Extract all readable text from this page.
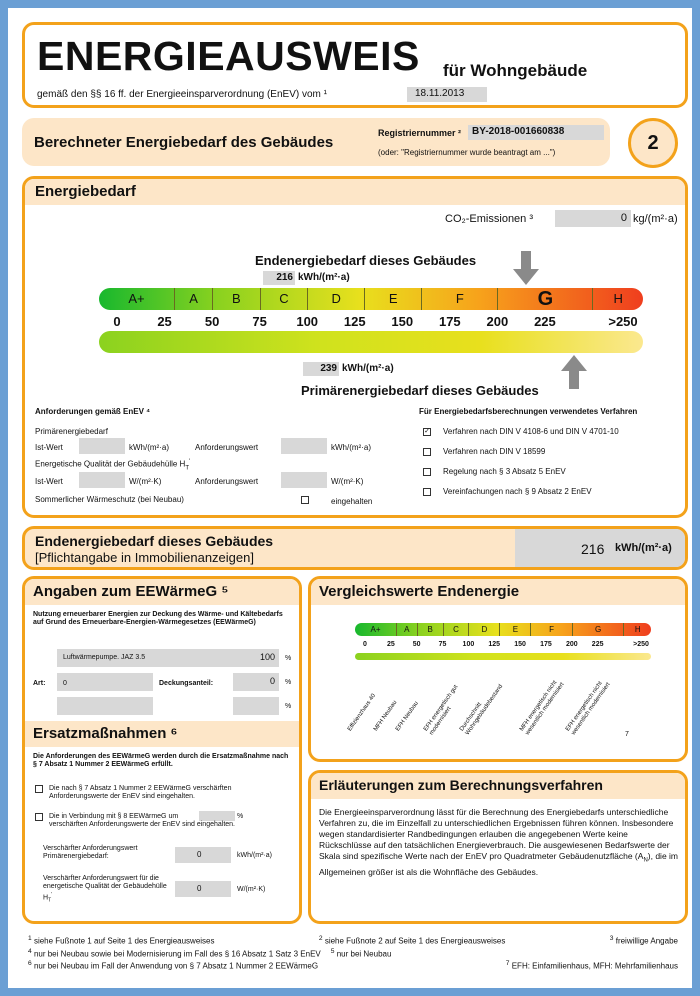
ENERGIEAUSWEIS für Wohngebäude
gemäß den §§ 16 ff. der Energieeinsparverordnung (EnEV) vom ¹	18.11.2013
Berechneter Energiebedarf des Gebäudes
Registriernummer ²	BY-2018-001660838
(oder: "Registriernummer wurde beantragt am ...")	2
Energiebedarf
CO₂-Emissionen ³	0 kg/(m²·a)
Endenergiebedarf dieses Gebäudes
216 kWh/(m²·a)
A+	A	B	C	D	E	F	G	H
0	25	50	75 100 125 150 175 200 225	>250
239 kWh/(m²·a)
Primärenergiebedarf dieses Gebäudes
Anforderungen gemäß EnEV ⁴
Primärenergiebedarf
Ist-Wert	kWh/(m²·a)	Anforderungswert	kWh/(m²·a)
Energetische Qualität der Gebäudehülle $H_T'$
Ist-Wert	W/(m²·K)	Anforderungswert	W/(m²·K)
Sommerlicher Wärmeschutz (bei Neubau)	eingehalten
Für Energiebedarfsberechnungen verwendetes Verfahren
✓ Verfahren nach DIN V 4108-6 und DIN V 4701-10
Verfahren nach DIN V 18599
Regelung nach § 3 Absatz 5 EnEV
Vereinfachungen nach § 9 Absatz 2 EnEV
Endenergiebedarf dieses Gebäudes
[Pflichtangabe in Immobilienanzeigen]
216 kWh/(m²·a)
Angaben zum EEWärmeG ⁵
Nutzung erneuerbarer Energien zur Deckung des Wärme- und Kältebedarfs auf Grund des Erneuerbare-Energien-Wärmegesetzes (EEWärmeG)
Luftwärmepumpe. JAZ 3.5	100	%
Art:	0	Deckungsanteil:	0	%
%
Ersatzmaßnahmen ⁶
Die Anforderungen des EEWärmeG werden durch die Ersatzmaßnahme nach § 7 Absatz 1 Nummer 2 EEWärmeG erfüllt.
Die nach § 7 Absatz 1 Nummer 2 EEWärmeG verschärften Anforderungswerte der EnEV sind eingehalten.
Die in Verbindung mit § 8 EEWärmeG um	%
verschärften Anforderungswerte der EnEV sind eingehalten.
Verschärfter Anforderungswert Primärenergiebedarf:	0	kWh/(m²·a)
Verschärfter Anforderungswert für die energetische Qualität der Gebäudehülle $H_T'$
0	W/(m²·K)
Vergleichswerte Endenergie
A+	A	B	C	D	E	F	G	H
0	25	50	75 100 125 150 175 200 225	>250
Effizienzhaus 40
MFH Neubau
EFH Neubau EFH energetisch gut modernisiert	Durchschnitt Wohngebäudebestand	MFH energetisch nicht wesentlich modernisiert EFH energetisch nicht wesentlich modernisiert	7
Erläuterungen zum Berechnungsverfahren
Die Energieeinsparverordnung lässt für die Berechnung des Energiebedarfs unterschiedliche Verfahren zu, die im Einzelfall zu unterschiedlichen Ergebnissen führen können. Insbesondere wegen standardisierter Randbedingungen erlauben die angegebenen Werte keine Rückschlüsse auf den tatsächlichen Energieverbrauch. Die ausgewiesenen Bedarfswerte der Skala sind spezifische Werte nach der EnEV pro Quadratmeter Gebäudenutzfläche $(A_N)$, die im Allgemeinen größer ist als die Wohnfläche des Gebäudes.
$^1$ siehe Fußnote 1 auf Seite 1 des Energieausweises	$^2$ siehe Fußnote 2 auf Seite 1 des Energieausweises	$^3$ freiwillige Angabe
$^4$ nur bei Neubau sowie bei Modernisierung im Fall des § 16 Absatz 1 Satz 3 EnEV $^5$ nur bei Neubau
$^6$ nur bei Neubau im Fall der Anwendung von § 7 Absatz 1 Nummer 2 EEWärmeG	$^7$ EFH: Einfamilienhaus, MFH: Mehrfamilienhaus
